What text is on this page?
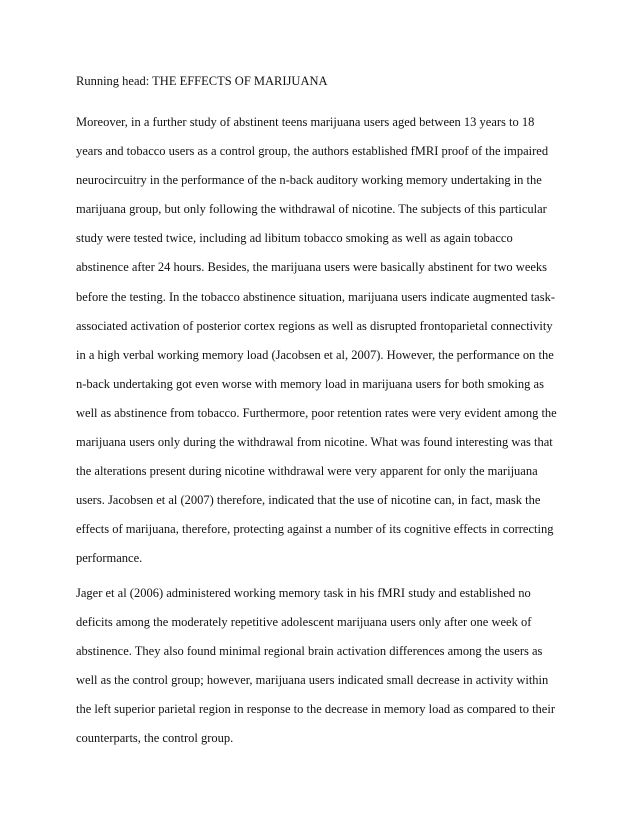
Running head: THE EFFECTS OF MARIJUANA
Moreover, in a further study of abstinent teens marijuana users aged between 13 years to 18
years and tobacco users as a control group, the authors established fMRI proof of the impaired
neurocircuitry in the performance of the n-back auditory working memory undertaking in the
marijuana group, but only following the withdrawal of nicotine. The subjects of this particular
study were tested twice, including ad libitum tobacco smoking as well as again tobacco
abstinence after 24 hours. Besides, the marijuana users were basically abstinent for two weeks
before the testing. In the tobacco abstinence situation, marijuana users indicate augmented task-
associated activation of posterior cortex regions as well as disrupted frontoparietal connectivity
in a high verbal working memory load (Jacobsen et al, 2007). However, the performance on the
n-back undertaking got even worse with memory load in marijuana users for both smoking as
well as abstinence from tobacco. Furthermore, poor retention rates were very evident among the
marijuana users only during the withdrawal from nicotine. What was found interesting was that
the alterations present during nicotine withdrawal were very apparent for only the marijuana
users. Jacobsen et al (2007) therefore, indicated that the use of nicotine can, in fact, mask the
effects of marijuana, therefore, protecting against a number of its cognitive effects in correcting
performance.
Jager et al (2006) administered working memory task in his fMRI study and established no
deficits among the moderately repetitive adolescent marijuana users only after one week of
abstinence. They also found minimal regional brain activation differences among the users as
well as the control group; however, marijuana users indicated small decrease in activity within
the left superior parietal region in response to the decrease in memory load as compared to their
counterparts, the control group.
